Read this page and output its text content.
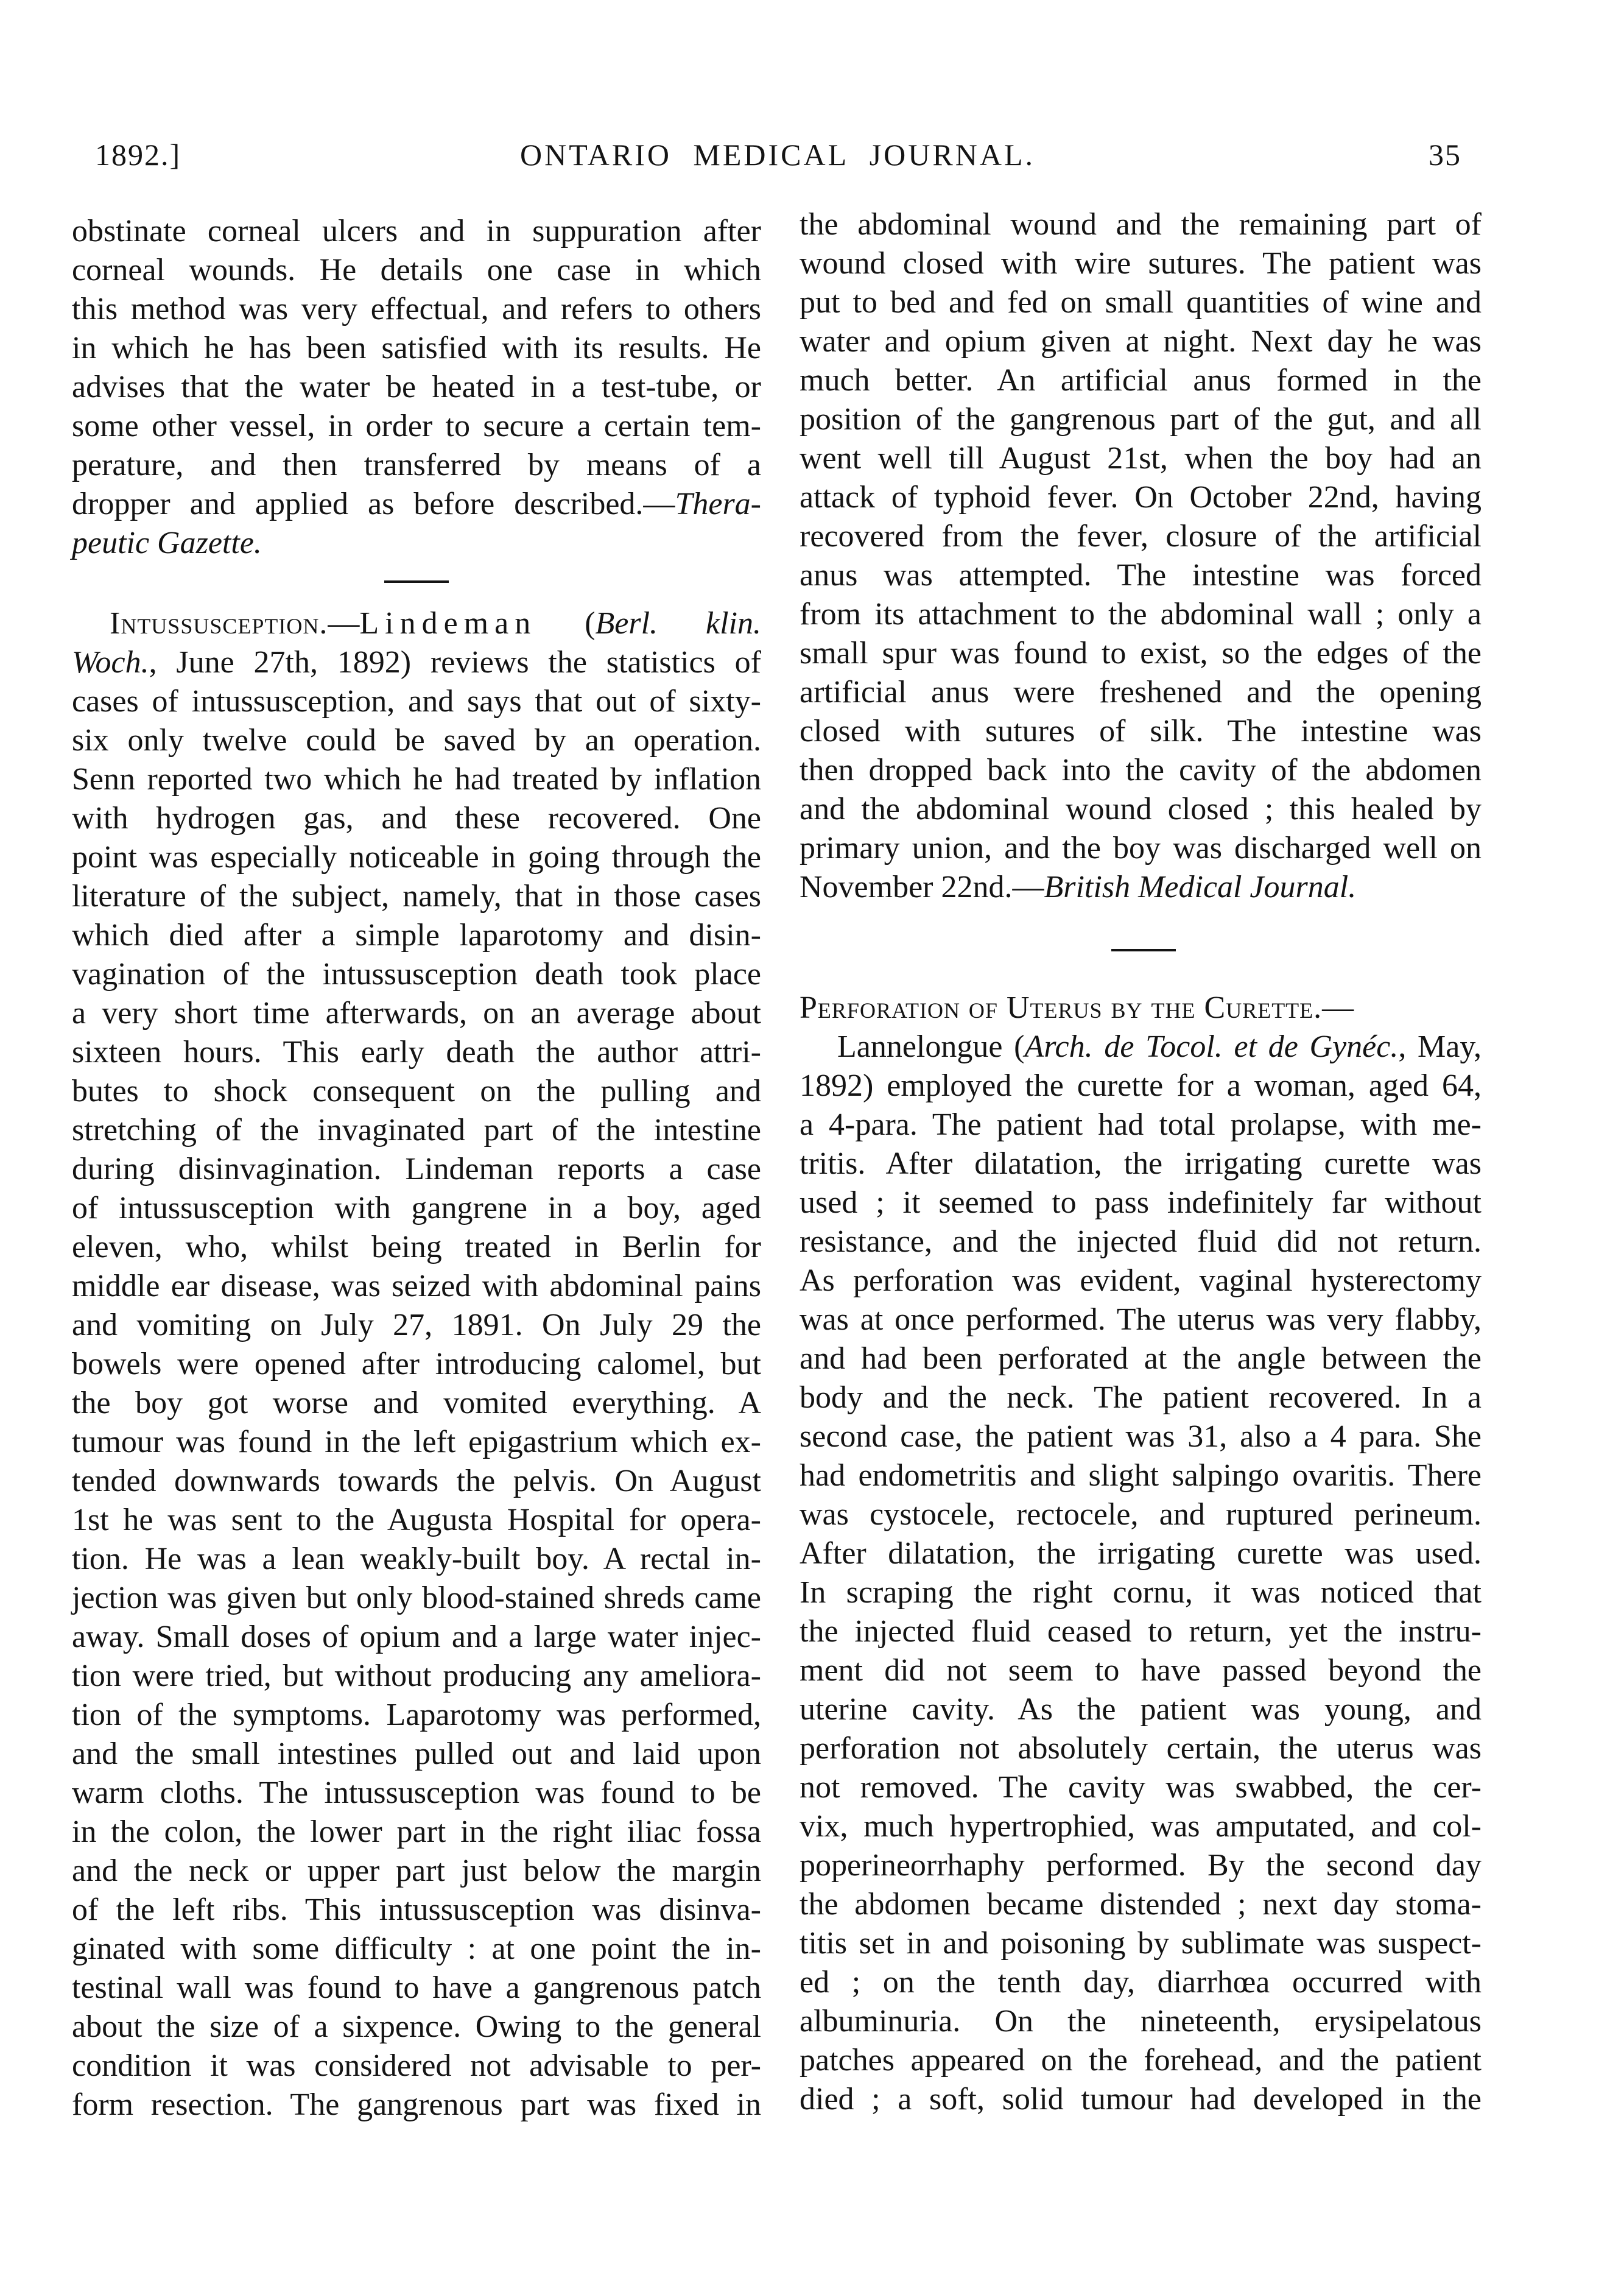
1892.]	ONTARIO MEDICAL JOURNAL.	35
obstinate corneal ulcers and in suppuration after
corneal wounds. He details one case in which
this method was very effectual, and refers to others
in which he has been satisfied with its results. He
advises that the water be heated in a test-tube, or
some other vessel, in order to secure a certain tem-
perature, and then transferred by means of a
dropper and applied as before described.—Thera-
peutic Gazette.
Intussusception.—Lindeman (Berl. klin.
Woch., June 27th, 1892) reviews the statistics of
cases of intussusception, and says that out of sixty-
six only twelve could be saved by an operation.
Senn reported two which he had treated by inflation
with hydrogen gas, and these recovered. One
point was especially noticeable in going through the
literature of the subject, namely, that in those cases
which died after a simple laparotomy and disin-
vagination of the intussusception death took place
a very short time afterwards, on an average about
sixteen hours. This early death the author attri-
butes to shock consequent on the pulling and
stretching of the invaginated part of the intestine
during disinvagination. Lindeman reports a case
of intussusception with gangrene in a boy, aged
eleven, who, whilst being treated in Berlin for
middle ear disease, was seized with abdominal pains
and vomiting on July 27, 1891. On July 29 the
bowels were opened after introducing calomel, but
the boy got worse and vomited everything. A
tumour was found in the left epigastrium which ex-
tended downwards towards the pelvis. On August
1st he was sent to the Augusta Hospital for opera-
tion. He was a lean weakly-built boy. A rectal in-
jection was given but only blood-stained shreds came
away. Small doses of opium and a large water injec-
tion were tried, but without producing any ameliora-
tion of the symptoms. Laparotomy was performed,
and the small intestines pulled out and laid upon
warm cloths. The intussusception was found to be
in the colon, the lower part in the right iliac fossa
and the neck or upper part just below the margin
of the left ribs. This intussusception was disinva-
ginated with some difficulty : at one point the in-
testinal wall was found to have a gangrenous patch
about the size of a sixpence. Owing to the general
condition it was considered not advisable to per-
form resection. The gangrenous part was fixed in
the abdominal wound and the remaining part of
wound closed with wire sutures. The patient was
put to bed and fed on small quantities of wine and
water and opium given at night. Next day he was
much better. An artificial anus formed in the
position of the gangrenous part of the gut, and all
went well till August 21st, when the boy had an
attack of typhoid fever. On October 22nd, having
recovered from the fever, closure of the artificial
anus was attempted. The intestine was forced
from its attachment to the abdominal wall ; only a
small spur was found to exist, so the edges of the
artificial anus were freshened and the opening
closed with sutures of silk. The intestine was
then dropped back into the cavity of the abdomen
and the abdominal wound closed ; this healed by
primary union, and the boy was discharged well on
November 22nd.—British Medical Journal.
Perforation of Uterus by the Curette.—
Lannelongue (Arch. de Tocol. et de Gynéc., May,
1892) employed the curette for a woman, aged 64,
a 4-para. The patient had total prolapse, with me-
tritis. After dilatation, the irrigating curette was
used ; it seemed to pass indefinitely far without
resistance, and the injected fluid did not return.
As perforation was evident, vaginal hysterectomy
was at once performed. The uterus was very flabby,
and had been perforated at the angle between the
body and the neck. The patient recovered. In a
second case, the patient was 31, also a 4 para. She
had endometritis and slight salpingo ovaritis. There
was cystocele, rectocele, and ruptured perineum.
After dilatation, the irrigating curette was used.
In scraping the right cornu, it was noticed that
the injected fluid ceased to return, yet the instru-
ment did not seem to have passed beyond the
uterine cavity. As the patient was young, and
perforation not absolutely certain, the uterus was
not removed. The cavity was swabbed, the cer-
vix, much hypertrophied, was amputated, and col-
poperineorrhaphy performed. By the second day
the abdomen became distended ; next day stoma-
titis set in and poisoning by sublimate was suspect-
ed ; on the tenth day, diarrhœa occurred with
albuminuria. On the nineteenth, erysipelatous
patches appeared on the forehead, and the patient
died ; a soft, solid tumour had developed in the
